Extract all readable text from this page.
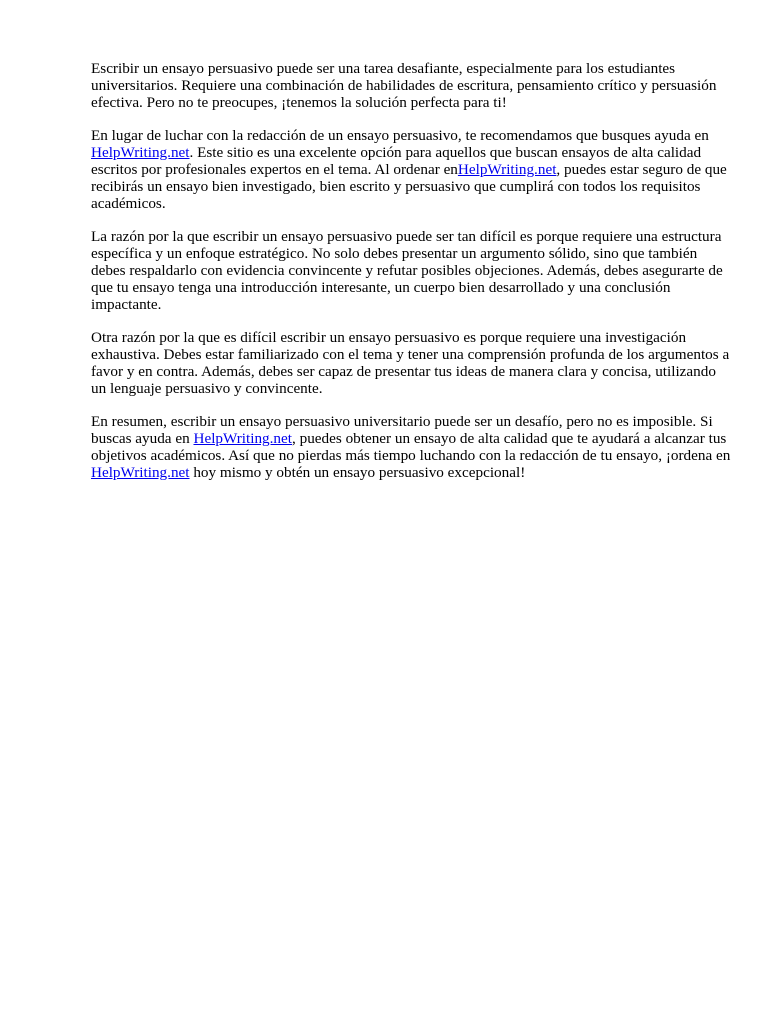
Escribir un ensayo persuasivo puede ser una tarea desafiante, especialmente para los estudiantes universitarios. Requiere una combinación de habilidades de escritura, pensamiento crítico y persuasión efectiva. Pero no te preocupes, ¡tenemos la solución perfecta para ti!

En lugar de luchar con la redacción de un ensayo persuasivo, te recomendamos que busques ayuda en HelpWriting.net. Este sitio es una excelente opción para aquellos que buscan ensayos de alta calidad escritos por profesionales expertos en el tema. Al ordenar enHelpWriting.net, puedes estar seguro de que recibirás un ensayo bien investigado, bien escrito y persuasivo que cumplirá con todos los requisitos académicos.

La razón por la que escribir un ensayo persuasivo puede ser tan difícil es porque requiere una estructura específica y un enfoque estratégico. No solo debes presentar un argumento sólido, sino que también debes respaldarlo con evidencia convincente y refutar posibles objeciones. Además, debes asegurarte de que tu ensayo tenga una introducción interesante, un cuerpo bien desarrollado y una conclusión impactante.

Otra razón por la que es difícil escribir un ensayo persuasivo es porque requiere una investigación exhaustiva. Debes estar familiarizado con el tema y tener una comprensión profunda de los argumentos a favor y en contra. Además, debes ser capaz de presentar tus ideas de manera clara y concisa, utilizando un lenguaje persuasivo y convincente.

En resumen, escribir un ensayo persuasivo universitario puede ser un desafío, pero no es imposible. Si buscas ayuda en HelpWriting.net, puedes obtener un ensayo de alta calidad que te ayudará a alcanzar tus objetivos académicos. Así que no pierdas más tiempo luchando con la redacción de tu ensayo, ¡ordena en HelpWriting.net hoy mismo y obtén un ensayo persuasivo excepcional!
